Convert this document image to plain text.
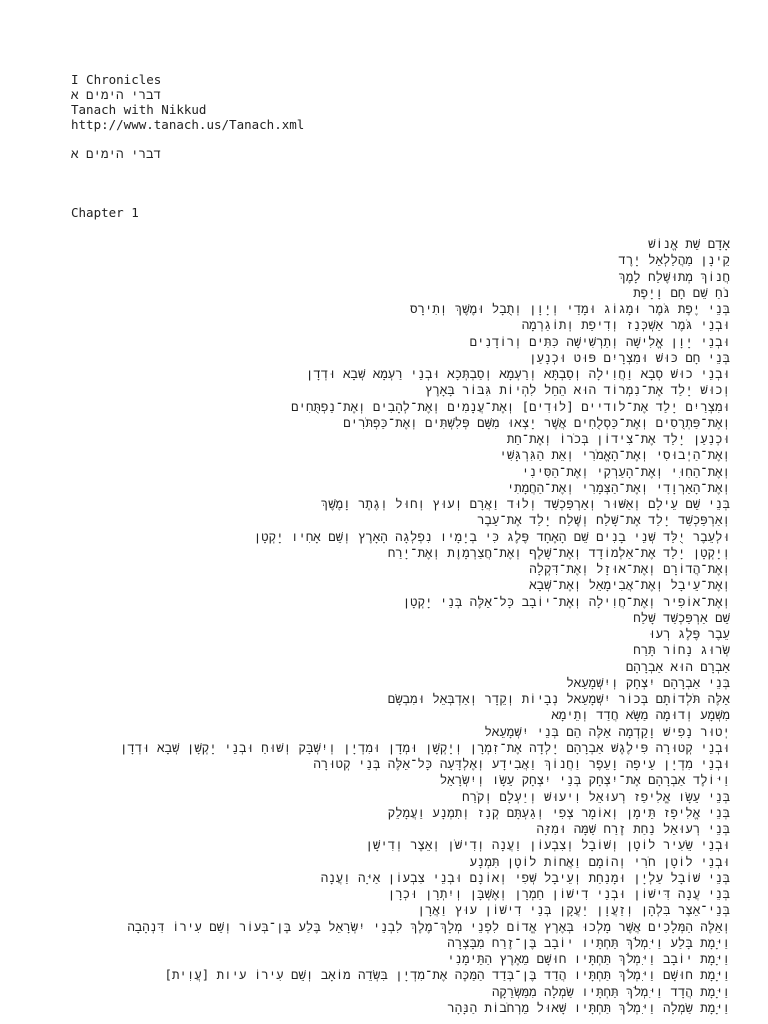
I Chronicles
דברי הימים א
Tanach with Nikkud
http://www.tanach.us/Tanach.xml
דברי הימים א
Chapter 1
אָדָם שֵׁת אֱנוֹשׁ
קֵינָן מַהֲלַלְאֵל יָרֶד
חֲנוֹךְ מְתוּשֶׁלַח לָמֶךְ
נֹחַ שֵׁם חָם וָיָפֶת
בְּנֵי יֶפֶת גֹּמֶר וּמָגוֹג וּמָדַי וְיָוָן וְתֻבָל וּמֶשֶׁךְ וְתִירָס
וּבְנֵי גֹּמֶר אַשְׁכְּנַז וְדִיפַת וְתוֹגַרְמָה
וּבְנֵי יָוָן אֱלִישָׁה וְתַרְשִׁישָׁה כִּתִּים וְרוֹדָנִים
בְּנֵי חָם כּוּשׁ וּמִצְרָיִם פּוּט וּכְנָעַן
וּבְנֵי כוּשׁ סְבָא וַחֲוִילָה וְסַבְתָּא וְרַעְמָא וְסַבְתְּכָא וּבְנֵי רַעְמָא שְׁבָא וּדְדָן
וְכוּשׁ יָלַד אֶת־נִמְרוֹד הוּא הֵחֵל לִהְיוֹת גִּבּוֹר בָּאָרֶץ
וּמִצְרַיִם יָלַד אֶת־לודיים [לוּדִים] וְאֶת־עֲנָמִים וְאֶת־לְהָבִים וְאֶת־נַפְתֻּחִים
וְאֶת־פַּתְרֻסִים וְאֶת־כַּסְלֻחִים אֲשֶׁר יָצְאוּ מִשָּׁם פְּלִשְׁתִּים וְאֶת־כַּפְתֹּרִים
וּכְנַעַן יָלַד אֶת־צִידוֹן בְּכֹרוֹ וְאֶת־חֵת
וְאֶת־הַיְבוּסִי וְאֶת־הָאֱמֹרִי וְאֵת הַגִּרְגָּשִׁי
וְאֶת־הַחִוִּי וְאֶת־הָעַרְקִי וְאֶת־הַסִּינִי
וְאֶת־הָאַרְוָדִי וְאֶת־הַצְּמָרִי וְאֶת־הַחֲמָתִי
בְּנֵי שֵׁם עֵילָם וְאַשּׁוּר וְאַרְפַּכְשַׁד וְלוּד וַאֲרָם וְעוּץ וְחוּל וְגֶתֶר וָמֶשֶׁךְ
וְאַרְפַּכְשַׁד יָלַד אֶת־שָׁלַח וְשֶׁלַח יָלַד אֶת־עֵבֶר
וּלְעֵבֶר יֻלַּד שְׁנֵי בָנִים שֵׁם הָאֶחָד פֶּלֶג כִּי בְיָמָיו נִפְלְגָה הָאָרֶץ וְשֵׁם אָחִיו יָקְטָן
וְיָקְטָן יָלַד אֶת־אַלְמוֹדָד וְאֶת־שָׁלֶף וְאֶת־חֲצַרְמָוֶת וְאֶת־יָרַח
וְאֶת־הֲדוֹרָם וְאֶת־אוּזָל וְאֶת־דִּקְלָה
וְאֶת־עֵיבָל וְאֶת־אֲבִימָאֵל וְאֶת־שְׁבָא
וְאֶת־אוֹפִיר וְאֶת־חֲוִילָה וְאֶת־יוֹבָב כָּל־אֵלֶּה בְּנֵי יָקְטָן
שֵׁם אַרְפַּכְשַׁד שָׁלַח
עֵבֶר פֶּלֶג רְעוּ
שְׂרוּג נָחוֹר תָּרַח
אַבְרָם הוּא אַבְרָהָם
בְּנֵי אַבְרָהָם יִצְחָק וְיִשְׁמָעֵאל
אֵלֶּה תֹּלְדוֹתָם בְּכוֹר יִשְׁמָעֵאל נְבָיוֹת וְקֵדָר וְאַדְבְּאֵל וּמִבְשָׂם
מִשְׁמָע וְדוּמָה מַשָּׂא חֲדַד וְתֵימָא
יְטוּר נָפִישׁ וָקֵדְמָה אֵלֶּה הֵם בְּנֵי יִשְׁמָעֵאל
וּבְנֵי קְטוּרָה פִּילֶגֶשׁ אַבְרָהָם יָלְדָה אֶת־זִמְרָן וְיָקְשָׁן וּמְדָן וּמִדְיָן וְיִשְׁבָּק וְשׁוּחַ וּבְנֵי יָקְשָׁן שְׁבָא וּדְדָן
וּבְנֵי מִדְיָן עֵיפָה וָעֵפֶר וַחֲנוֹךְ וַאֲבִידָע וְאֶלְדָּעָה כָּל־אֵלֶּה בְּנֵי קְטוּרָה
וַיּוֹלֶד אַבְרָהָם אֶת־יִצְחָק בְּנֵי יִצְחָק עֵשָׂו וְיִשְׂרָאֵל
בְּנֵי עֵשָׂו אֱלִיפַז רְעוּאֵל וִיעוּשׁ וְיַעְלָם וְקֹרַח
בְּנֵי אֱלִיפָז תֵּימָן וְאוֹמָר צְפִי וְגַעְתָּם קְנַז וְתִמְנָע וַעֲמָלֵק
בְּנֵי רְעוּאֵל נַחַת זֶרַח שַׁמָּה וּמִזָּה
וּבְנֵי שֵׂעִיר לוֹטָן וְשׁוֹבָל וְצִבְעוֹן וַעֲנָה וְדִישֹׁן וְאֵצֶר וְדִישָׁן
וּבְנֵי לוֹטָן חֹרִי וְהוֹמָם וַאֲחוֹת לוֹטָן תִּמְנָע
בְּנֵי שׁוֹבָל עַלְיָן וּמָנַחַת וְעֵיבָל שְׁפִי וְאוֹנָם וּבְנֵי צִבְעוֹן אַיָּה וַעֲנָה
בְּנֵי עֲנָה דִּישׁוֹן וּבְנֵי דִישׁוֹן חַמְרָן וְאֶשְׁבָּן וְיִתְרָן וּכְרָן
בְּנֵי־אֵצֶר בִּלְהָן וְזַעֲוָן יַעֲקָן בְּנֵי דִישׁוֹן עוּץ וַאֲרָן
וְאֵלֶּה הַמְּלָכִים אֲשֶׁר מָלְכוּ בְּאֶרֶץ אֱדוֹם לִפְנֵי מְלָךְ־מֶלֶךְ לִבְנֵי יִשְׂרָאֵל בֶּלַע בֶּן־בְּעוֹר וְשֵׁם עִירוֹ דִּנְהָבָה
וַיָּמָת בָּלַע וַיִּמְלֹךְ תַּחְתָּיו יוֹבָב בֶּן־זֶרַח מִבָּצְרָה
וַיָּמָת יוֹבָב וַיִּמְלֹךְ תַּחְתָּיו חוּשָׁם מֵאֶרֶץ הַתֵּימָנִי
וַיָּמָת חוּשָׁם וַיִּמְלֹךְ תַּחְתָּיו הֲדַד בֶּן־בְּדַד הַמַּכֶּה אֶת־מִדְיָן בִּשְׂדֵה מוֹאָב וְשֵׁם עִירוֹ עיות [עֲוִית]
וַיָּמָת הֲדָד וַיִּמְלֹךְ תַּחְתָּיו שַׂמְלָה מִמַּשְׂרֵקָה
וַיָּמָת שַׂמְלָה וַיִּמְלֹךְ תַּחְתָּיו שָׁאוּל מֵרְחֹבוֹת הַנָּהָר
